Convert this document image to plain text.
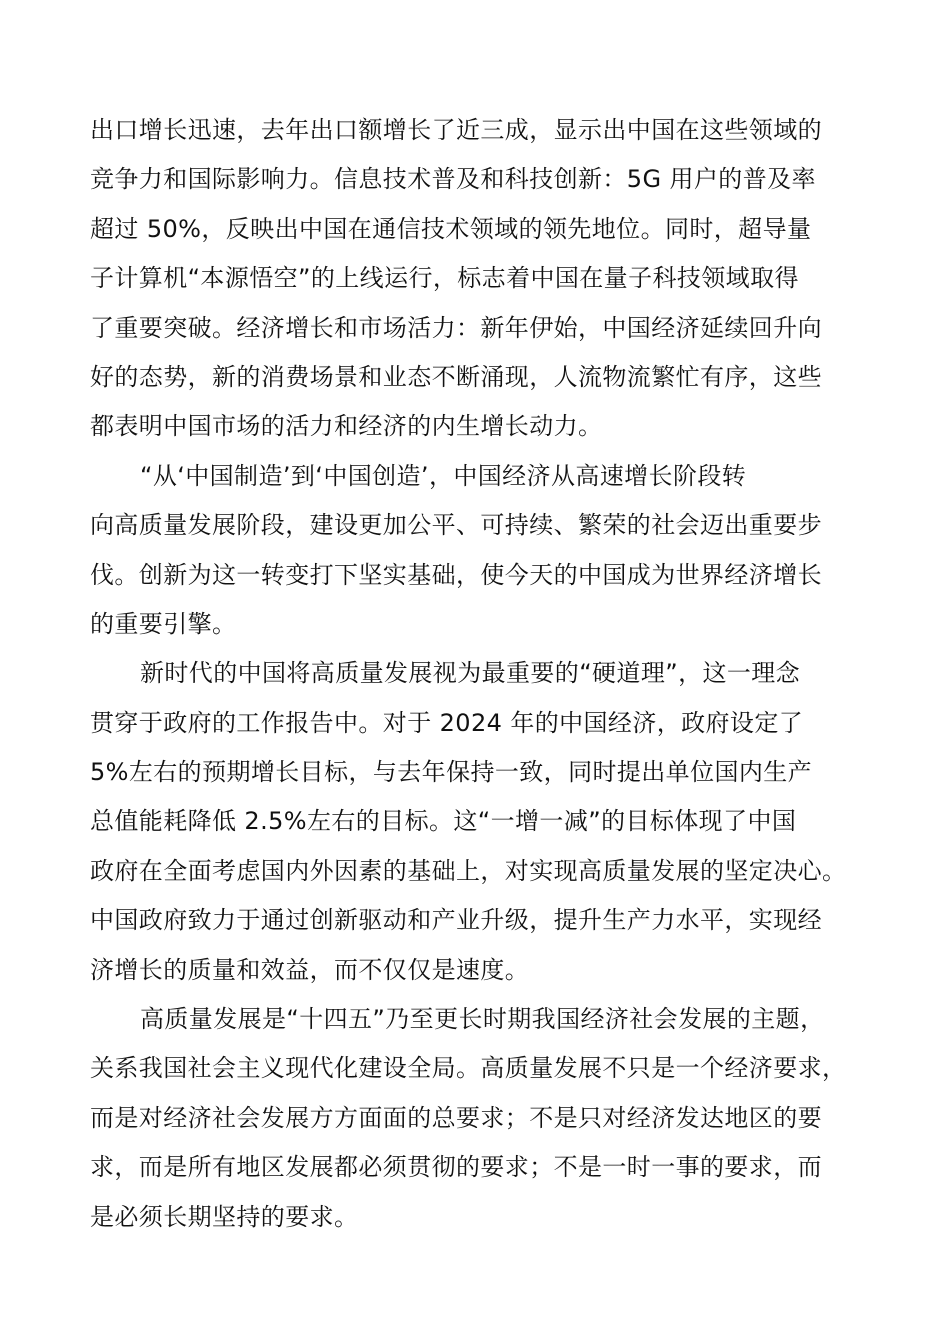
出口增长迅速，去年出口额增长了近三成，显示出中国在这些领域的
竞争力和国际影响力。信息技术普及和科技创新：5G 用户的普及率
超过 50%，反映出中国在通信技术领域的领先地位。同时，超导量
子计算机“本源悟空”的上线运行，标志着中国在量子科技领域取得
了重要突破。经济增长和市场活力：新年伊始，中国经济延续回升向
好的态势，新的消费场景和业态不断涌现，人流物流繁忙有序，这些
都表明中国市场的活力和经济的内生增长动力。
“从‘中国制造’到‘中国创造’，中国经济从高速增长阶段转
向高质量发展阶段，建设更加公平、可持续、繁荣的社会迈出重要步
伐。创新为这一转变打下坚实基础，使今天的中国成为世界经济增长
的重要引擎。
新时代的中国将高质量发展视为最重要的“硬道理”，这一理念
贯穿于政府的工作报告中。对于 2024 年的中国经济，政府设定了
5%左右的预期增长目标，与去年保持一致，同时提出单位国内生产
总值能耗降低 2.5%左右的目标。这“一增一减”的目标体现了中国
政府在全面考虑国内外因素的基础上，对实现高质量发展的坚定决心。
中国政府致力于通过创新驱动和产业升级，提升生产力水平，实现经
济增长的质量和效益，而不仅仅是速度。
高质量发展是“十四五”乃至更长时期我国经济社会发展的主题，
关系我国社会主义现代化建设全局。高质量发展不只是一个经济要求，
而是对经济社会发展方方面面的总要求；不是只对经济发达地区的要
求，而是所有地区发展都必须贯彻的要求；不是一时一事的要求，而
是必须长期坚持的要求。
